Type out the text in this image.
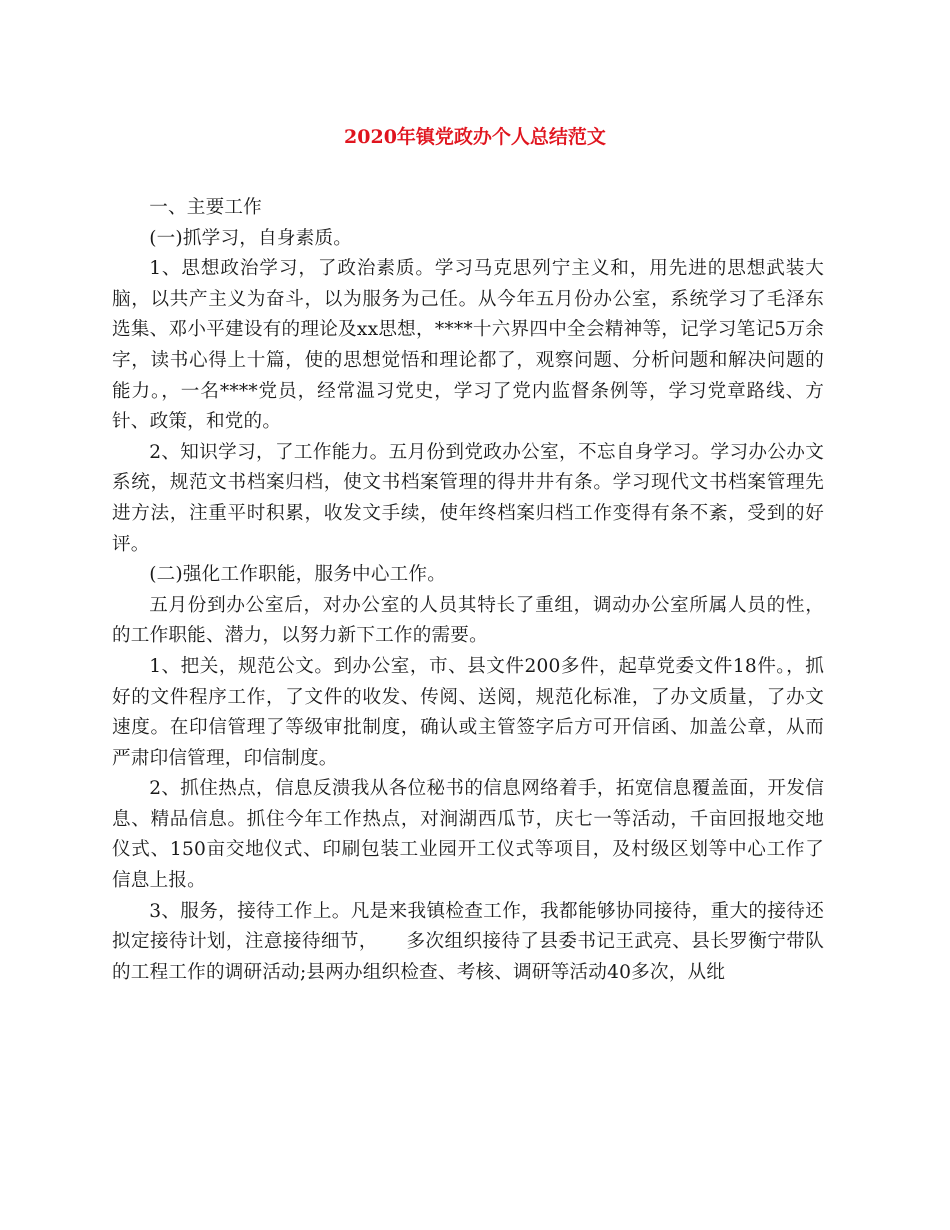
2020年镇党政办个人总结范文

一、主要工作

(一)抓学习，自身素质。

1、思想政治学习，了政治素质。学习马克思列宁主义和，用先进的思想武装大脑，以共产主义为奋斗，以为服务为己任。从今年五月份办公室，系统学习了毛泽东选集、邓小平建设有的理论及xx思想，****十六界四中全会精神等，记学习笔记5万余字，读书心得上十篇，使的思想觉悟和理论都了，观察问题、分析问题和解决问题的能力。，一名****党员，经常温习党史，学习了党内监督条例等，学习党章路线、方针、政策，和党的。

2、知识学习，了工作能力。五月份到党政办公室，不忘自身学习。学习办公办文系统，规范文书档案归档，使文书档案管理的得井井有条。学习现代文书档案管理先进方法，注重平时积累，收发文手续，使年终档案归档工作变得有条不紊，受到的好评。

(二)强化工作职能，服务中心工作。

五月份到办公室后，对办公室的人员其特长了重组，调动办公室所属人员的性，的工作职能、潜力，以努力新下工作的需要。

1、把关，规范公文。到办公室，市、县文件200多件，起草党委文件18件。，抓好的文件程序工作，了文件的收发、传阅、送阅，规范化标准，了办文质量，了办文速度。在印信管理了等级审批制度，确认或主管签字后方可开信函、加盖公章，从而严肃印信管理，印信制度。

2、抓住热点，信息反溃我从各位秘书的信息网络着手，拓宽信息覆盖面，开发信息、精品信息。抓住今年工作热点，对涧湖西瓜节，庆七一等活动，千亩回报地交地仪式、150亩交地仪式、印刷包装工业园开工仪式等项目，及村级区划等中心工作了信息上报。

3、服务，接待工作上。凡是来我镇检查工作，我都能够协同接待，重大的接待还拟定接待计划，注意接待细节，　　多次组织接待了县委书记王武亮、县长罗衡宁带队的工程工作的调研活动;县两办组织检查、考核、调研等活动40多次，从纰
